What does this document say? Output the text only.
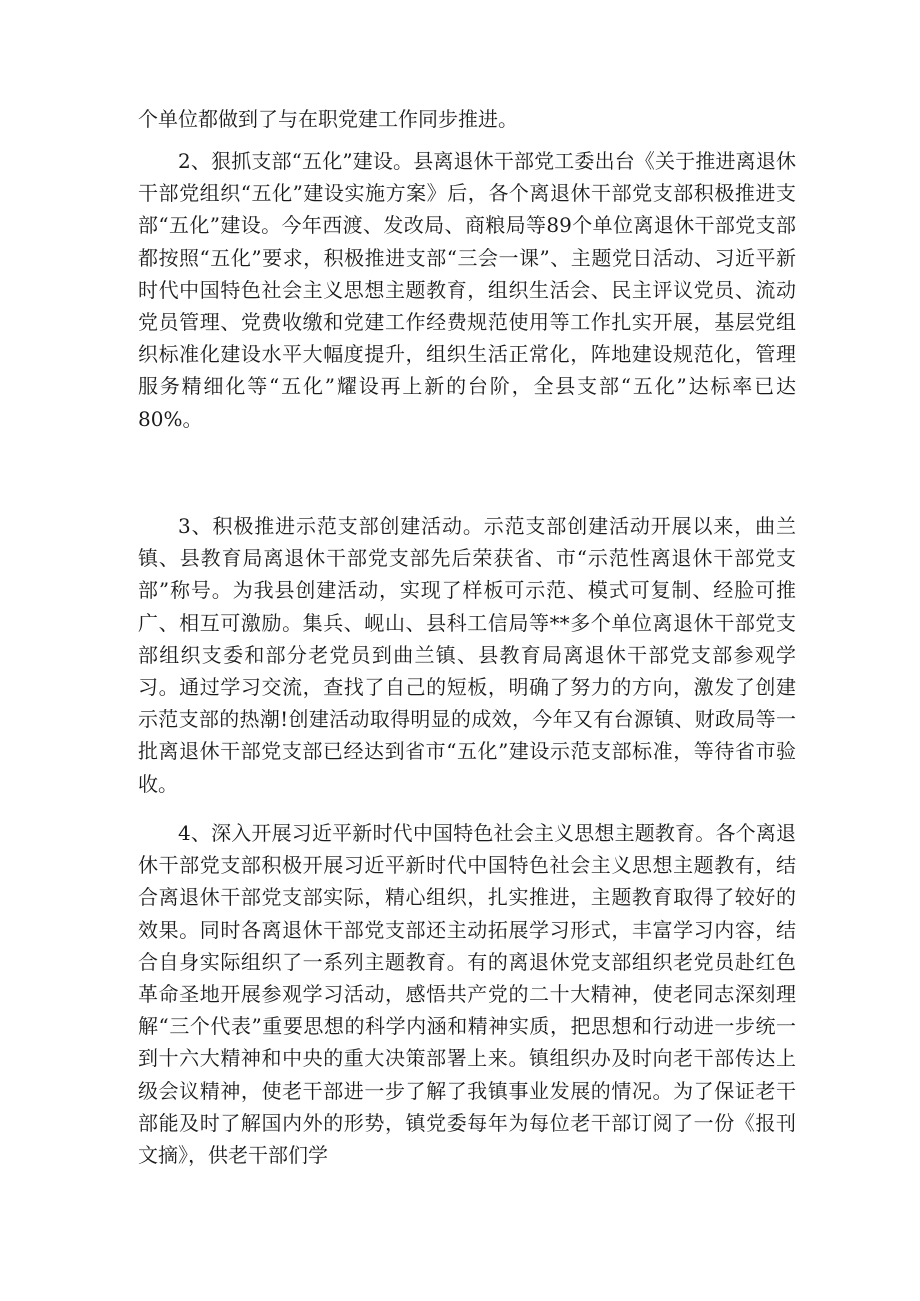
个单位都做到了与在职党建工作同步推进。

2、狠抓支部“五化”建设。县离退休干部党工委出台《关于推进离退休干部党组织“五化”建设实施方案》后，各个离退休干部党支部积极推进支部“五化”建设。今年西渡、发改局、商粮局等89个单位离退休干部党支部都按照“五化”要求，积极推进支部“三会一课”、主题党日活动、习近平新时代中国特色社会主义思想主题教育，组织生活会、民主评议党员、流动党员管理、党费收缴和党建工作经费规范使用等工作扎实开展，基层党组织标准化建设水平大幅度提升，组织生活正常化，阵地建设规范化，管理服务精细化等“五化”耀设再上新的台阶，全县支部“五化”达标率已达80%。

3、积极推进示范支部创建活动。示范支部创建活动开展以来，曲兰镇、县教育局离退休干部党支部先后荣获省、市“示范性离退休干部党支部”称号。为我县创建活动，实现了样板可示范、模式可复制、经脸可推广、相互可激励。集兵、岘山、县科工信局等**多个单位离退休干部党支部组织支委和部分老党员到曲兰镇、县教育局离退休干部党支部参观学习。通过学习交流，查找了自己的短板，明确了努力的方向，激发了创建示范支部的热潮!创建活动取得明显的成效，今年又有台源镇、财政局等一批离退休干部党支部已经达到省市“五化”建设示范支部标准，等待省市验收。

4、深入开展习近平新时代中国特色社会主义思想主题教育。各个离退休干部党支部积极开展习近平新时代中国特色社会主义思想主题教有，结合离退休干部党支部实际，精心组织，扎实推进，主题教育取得了较好的效果。同时各离退休干部党支部还主动拓展学习形式，丰富学习内容，结合自身实际组织了一系列主题教育。有的离退休党支部组织老党员赴红色革命圣地开展参观学习活动，感悟共产党的二十大精神，使老同志深刻理解“三个代表”重要思想的科学内涵和精神实质，把思想和行动进一步统一到十六大精神和中央的重大决策部署上来。镇组织办及时向老干部传达上级会议精神，使老干部进一步了解了我镇事业发展的情况。为了保证老干部能及时了解国内外的形势，镇党委每年为每位老干部订阅了一份《报刊文摘》，供老干部们学
